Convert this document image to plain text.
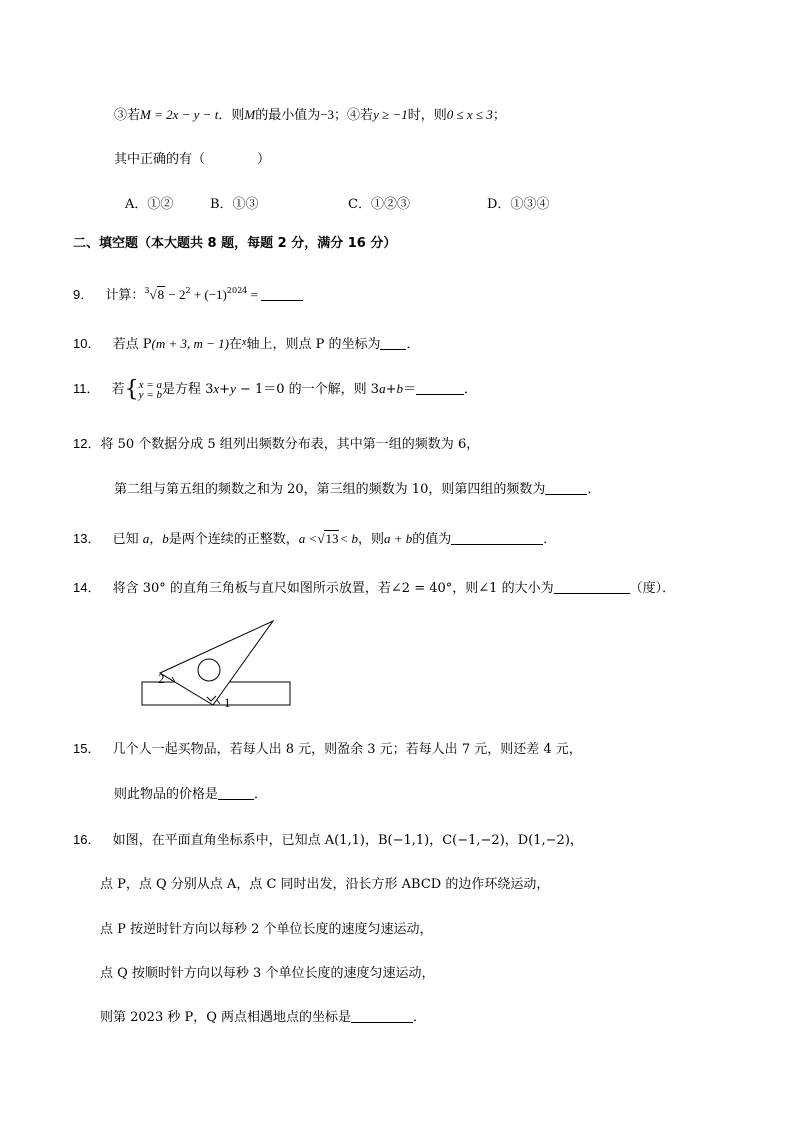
③若M = 2x − y − t．则M的最小值为−3；④若y ≥ −1时，则0 ≤ x ≤ 3；
其中正确的有（　　　　）
A．①②	B．①③	C．①②③	D．①③④
二、填空题（本大题共 8 题，每题 2 分，满分 16 分）
9． 计算：$^3√8 - 2^2 + (-1)^{2024}$ =
10． 若点 P(m + 3, m − 1)在$^x$轴上，则点 P 的坐标为 ．
11． 若{x = a
y = b是方程 3x+y − 1＝0 的一个解，则 3a+b＝	．
12．将 50 个数据分成 5 组列出频数分布表，其中第一组的频数为 6，
第二组与第五组的频数之和为 20，第三组的频数为 10，则第四组的频数为	．
13． 已知 a，b是两个连续的正整数，a <√13< b，则a + b的值为	．
14． 将含 30° 的直角三角板与直尺如图所示放置，若∠2 = 40°，则∠1 的大小为	（度）．
2
1
15． 几个人一起买物品，若每人出 8 元，则盈余 3 元；若每人出 7 元，则还差 4 元，
则此物品的价格是	．
16． 如图，在平面直角坐标系中，已知点 A(1,1)，B(−1,1)，C(−1,−2)，D(1,−2)，
点 P，点 Q 分别从点 A，点 C 同时出发，沿长方形 ABCD 的边作环绕运动，
点 P 按逆时针方向以每秒 2 个单位长度的速度匀速运动，
点 Q 按顺时针方向以每秒 3 个单位长度的速度匀速运动，
则第 2023 秒 P，Q 两点相遇地点的坐标是	．
